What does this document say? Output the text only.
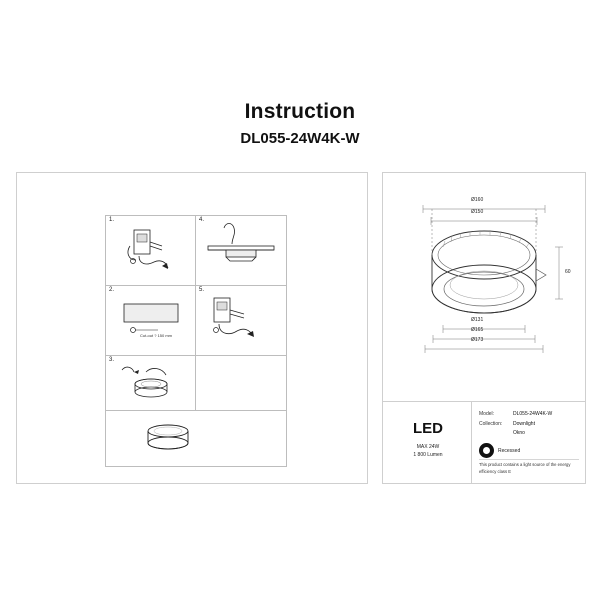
Instruction
DL055-24W4K-W
1.	4.
2.
Cut-out ? 150 mm
5.
3.
Ø160
Ø150
Ø131
Ø165
Ø173
60
LED
MAX 24W
1 800 Lumen
Model:	DL055-24W4K-W
Collection:	Downlight
Okno
Recessed
This product contains a light source of the energy efficiency class E
